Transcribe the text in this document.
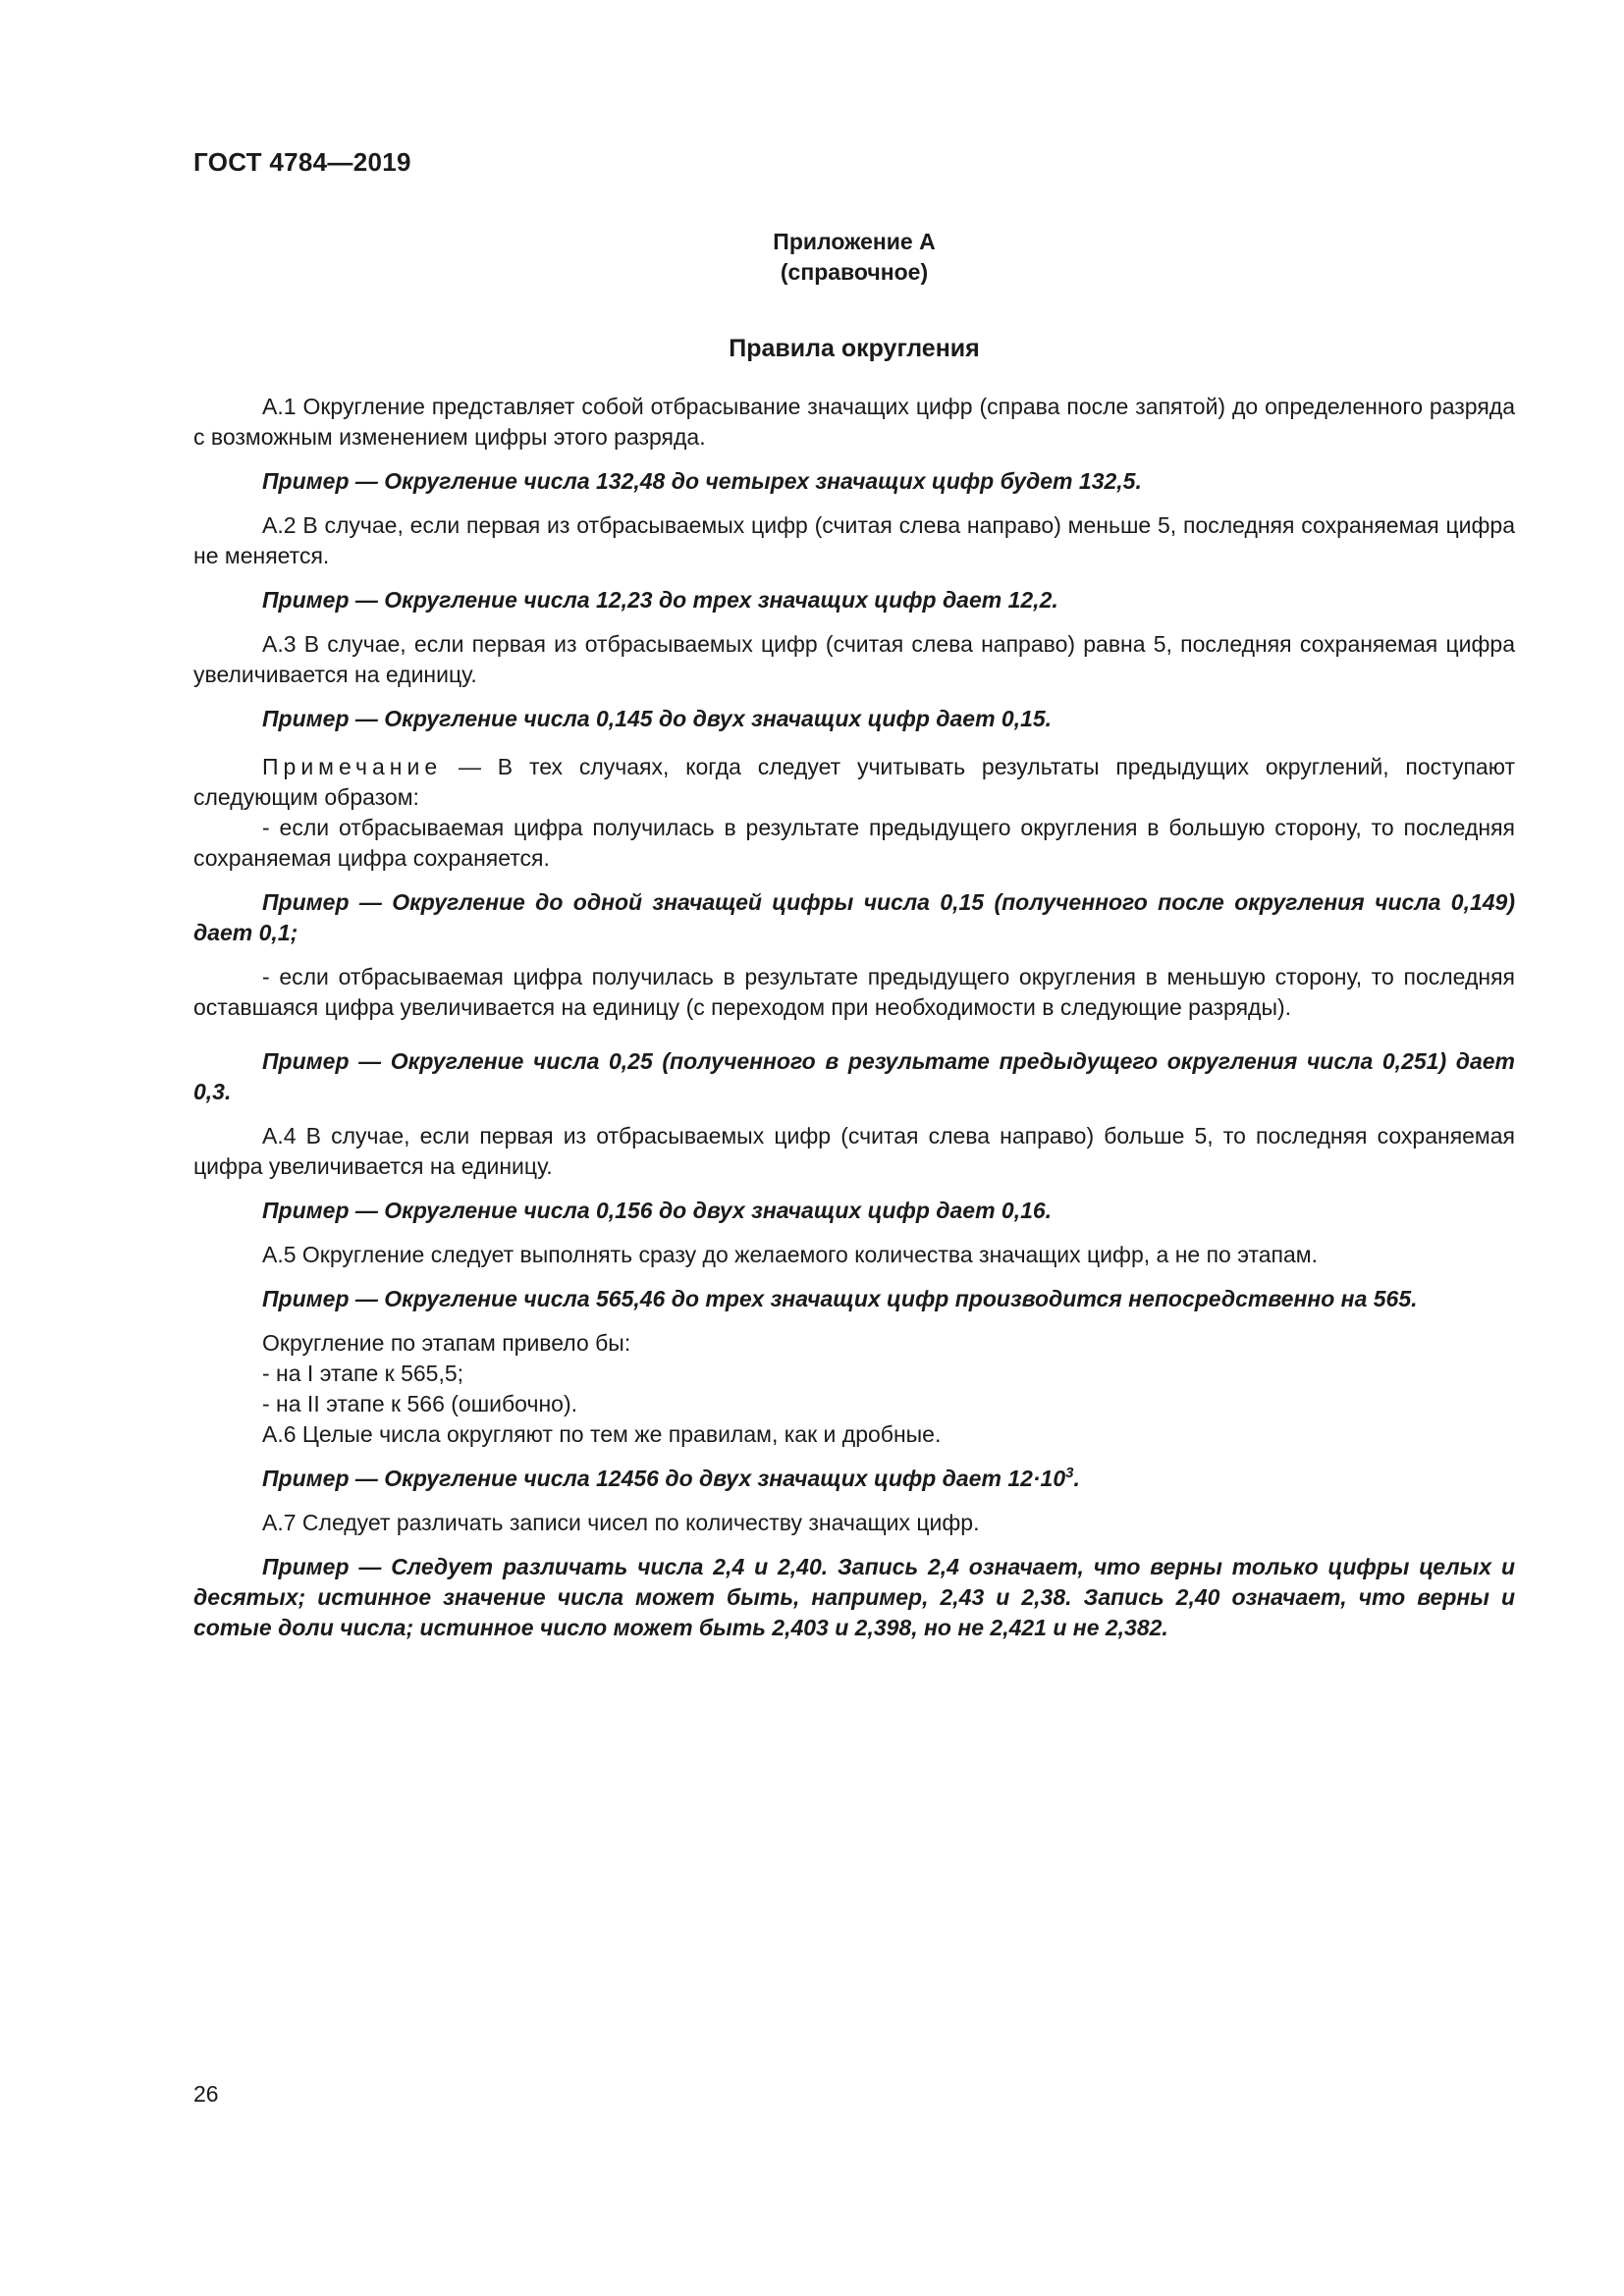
ГОСТ 4784—2019
Приложение А
(справочное)
Правила округления

А.1 Округление представляет собой отбрасывание значащих цифр (справа после запятой) до определенного разряда с возможным изменением цифры этого разряда.

Пример — Округление числа 132,48 до четырех значащих цифр будет 132,5.

А.2 В случае, если первая из отбрасываемых цифр (считая слева направо) меньше 5, последняя сохраняемая цифра не меняется.

Пример — Округление числа 12,23 до трех значащих цифр дает 12,2.

А.3 В случае, если первая из отбрасываемых цифр (считая слева направо) равна 5, последняя сохраняемая цифра увеличивается на единицу.

Пример — Округление числа 0,145 до двух значащих цифр дает 0,15.

Примечание — В тех случаях, когда следует учитывать результаты предыдущих округлений, поступают следующим образом:

- если отбрасываемая цифра получилась в результате предыдущего округления в большую сторону, то последняя сохраняемая цифра сохраняется.

Пример — Округление до одной значащей цифры числа 0,15 (полученного после округления числа 0,149) дает 0,1;

- если отбрасываемая цифра получилась в результате предыдущего округления в меньшую сторону, то последняя оставшаяся цифра увеличивается на единицу (с переходом при необходимости в следующие разряды).

Пример — Округление числа 0,25 (полученного в результате предыдущего округления числа 0,251) дает 0,3.

А.4 В случае, если первая из отбрасываемых цифр (считая слева направо) больше 5, то последняя сохраняемая цифра увеличивается на единицу.

Пример — Округление числа 0,156 до двух значащих цифр дает 0,16.

А.5 Округление следует выполнять сразу до желаемого количества значащих цифр, а не по этапам.

Пример — Округление числа 565,46 до трех значащих цифр производится непосредственно на 565.

Округление по этапам привело бы:

- на I этапе к 565,5;

- на II этапе к 566 (ошибочно).

А.6 Целые числа округляют по тем же правилам, как и дробные.

Пример — Округление числа 12456 до двух значащих цифр дает $12\cdot 10^3$.

А.7 Следует различать записи чисел по количеству значащих цифр.

Пример — Следует различать числа 2,4 и 2,40. Запись 2,4 означает, что верны только цифры целых и десятых; истинное значение числа может быть, например, 2,43 и 2,38. Запись 2,40 означает, что верны и сотые доли числа; истинное число может быть 2,403 и 2,398, но не 2,421 и не 2,382.

26
